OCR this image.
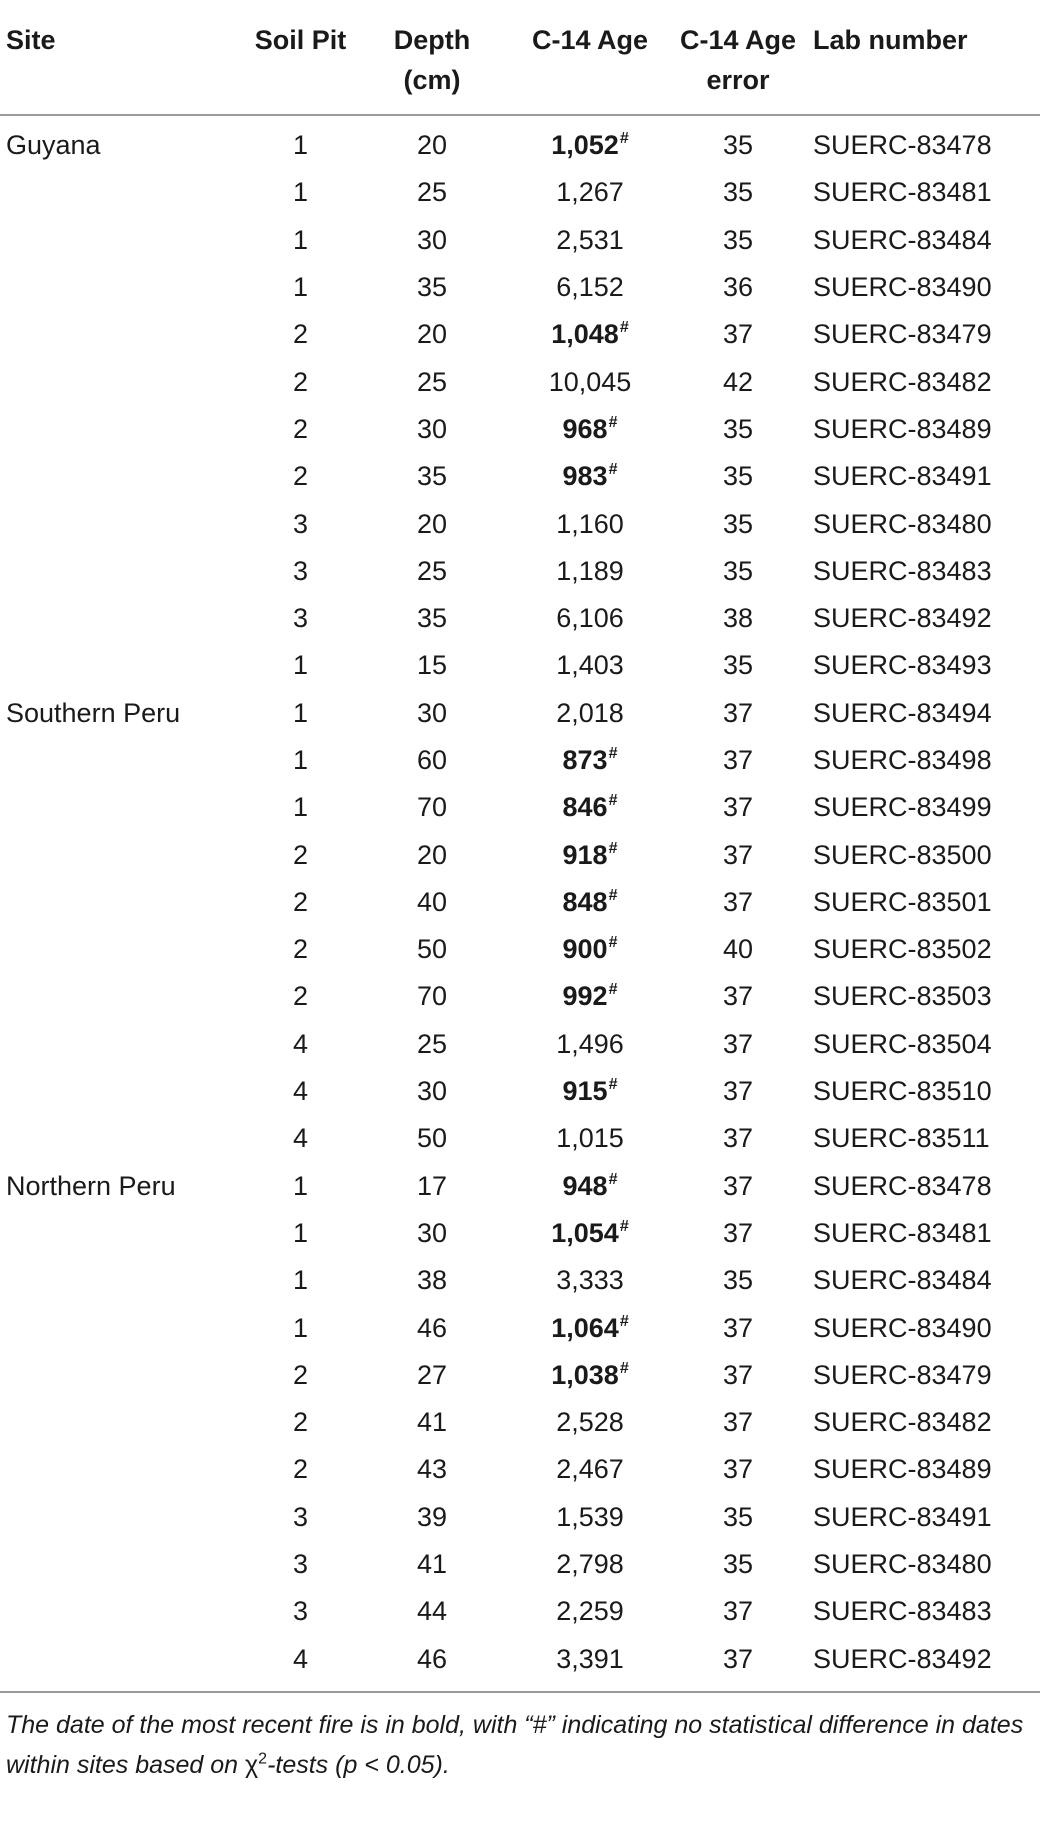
Site	Soil Pit	Depth (cm)	C-14 Age	C-14 Age error	Lab number
Guyana	1	20	1,052#	35	SUERC-83478
	1	25	1,267	35	SUERC-83481
	1	30	2,531	35	SUERC-83484
	1	35	6,152	36	SUERC-83490
	2	20	1,048#	37	SUERC-83479
	2	25	10,045	42	SUERC-83482
	2	30	968#	35	SUERC-83489
	2	35	983#	35	SUERC-83491
	3	20	1,160	35	SUERC-83480
	3	25	1,189	35	SUERC-83483
	3	35	6,106	38	SUERC-83492
	1	15	1,403	35	SUERC-83493
Southern Peru	1	30	2,018	37	SUERC-83494
	1	60	873#	37	SUERC-83498
	1	70	846#	37	SUERC-83499
	2	20	918#	37	SUERC-83500
	2	40	848#	37	SUERC-83501
	2	50	900#	40	SUERC-83502
	2	70	992#	37	SUERC-83503
	4	25	1,496	37	SUERC-83504
	4	30	915#	37	SUERC-83510
	4	50	1,015	37	SUERC-83511
Northern Peru	1	17	948#	37	SUERC-83478
	1	30	1,054#	37	SUERC-83481
	1	38	3,333	35	SUERC-83484
	1	46	1,064#	37	SUERC-83490
	2	27	1,038#	37	SUERC-83479
	2	41	2,528	37	SUERC-83482
	2	43	2,467	37	SUERC-83489
	3	39	1,539	35	SUERC-83491
	3	41	2,798	35	SUERC-83480
	3	44	2,259	37	SUERC-83483
	4	46	3,391	37	SUERC-83492
The date of the most recent fire is in bold, with “#” indicating no statistical difference in dates within sites based on $\chi^2$-tests (p < 0.05).
